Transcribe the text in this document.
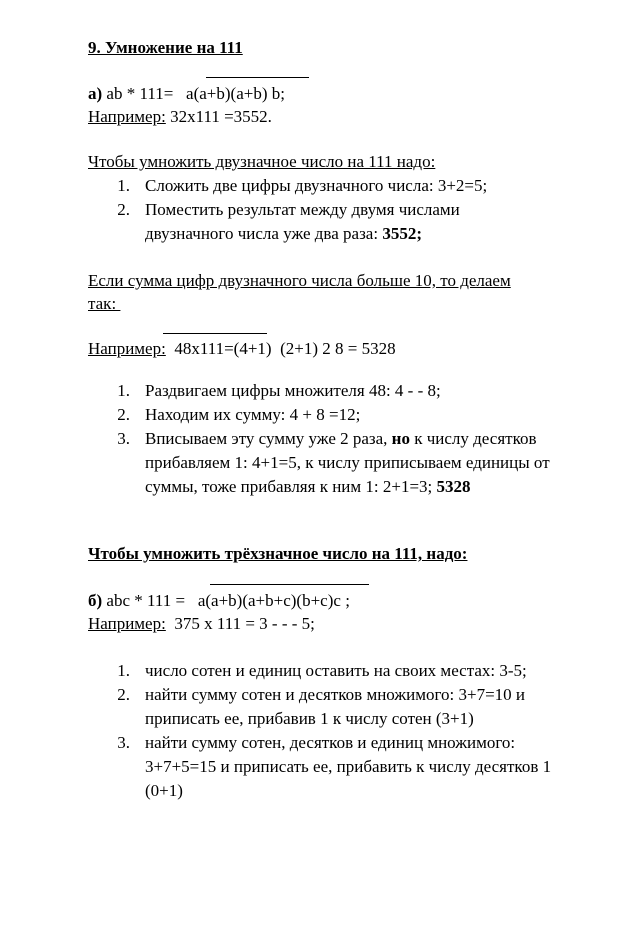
9. Умножение на 111
а) ab * 111=   a(a+b)(a+b) b;
Например: 32х111 =3552.
Чтобы умножить двузначное число на 111 надо:
1. Сложить две цифры двузначного числа: 3+2=5;
2. Поместить результат между двумя числами двузначного числа уже два раза: 3552;
Если сумма цифр двузначного числа больше 10, то делаем
так:
Например:  48х111=(4+1)  (2+1) 2 8 = 5328
1. Раздвигаем цифры множителя 48: 4 - - 8;
2. Находим их сумму: 4 + 8 =12;
3. Вписываем эту сумму уже 2 раза, но к числу десятков прибавляем 1: 4+1=5, к числу приписываем единицы от суммы, тоже прибавляя к ним 1: 2+1=3; 5328
Чтобы умножить трёхзначное число на 111, надо:
б) abc * 111 =   a(a+b)(a+b+c)(b+c)c ;
Например:  375 х 111 = 3 - - - 5;
1. число сотен и единиц оставить на своих местах: 3-5;
2. найти сумму сотен и десятков множимого: 3+7=10 и приписать ее, прибавив 1 к числу сотен (3+1)
3. найти сумму сотен, десятков и единиц множимого: 3+7+5=15 и приписать ее, прибавить к числу десятков 1 (0+1)
